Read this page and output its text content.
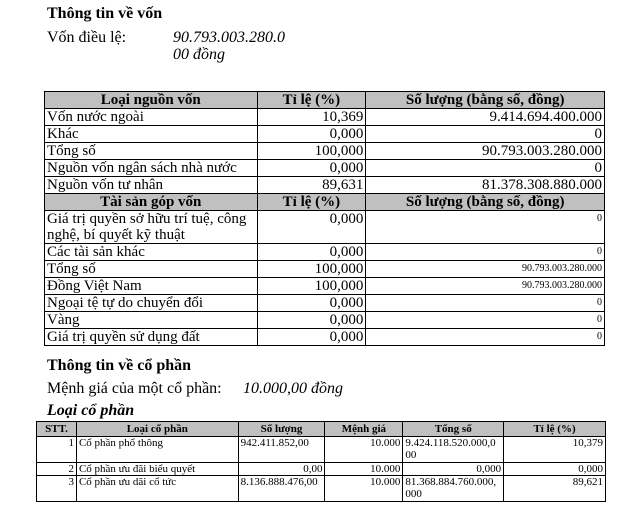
Thông tin về vốn
Vốn điều lệ:	90.793.003.280.0
00 đồng
Loại nguồn vốn	Tỉ lệ (%)	Số lượng (bằng số, đồng)
Vốn nước ngoài	10,369	9.414.694.400.000
Khác	0,000	0
Tổng số	100,000	90.793.003.280.000
Nguồn vốn ngân sách nhà nước	0,000	0
Nguồn vốn tư nhân	89,631	81.378.308.880.000
Tài sản góp vốn	Tỉ lệ (%)	Số lượng (bằng số, đồng)
Giá trị quyền sở hữu trí tuệ, công nghệ, bí quyết kỹ thuật	0,000	0
Các tài sản khác	0,000	0
Tổng số	100,000	90.793.003.280.000
Đồng Việt Nam	100,000	90.793.003.280.000
Ngoại tệ tự do chuyển đổi	0,000	0
Vàng	0,000	0
Giá trị quyền sử dụng đất	0,000	0
Thông tin về cổ phần
Mệnh giá của một cổ phần: 10.000,00 đồng
Loại cổ phần
STT.	Loại cổ phần	Số lượng	Mệnh giá	Tổng số	Tỉ lệ (%)
1	Cổ phần phổ thông	942.411.852,00	10.000	9.424.118.520.000,000	10,379
2	Cổ phần ưu đãi biểu quyết	0,00	10.000	0,000	0,000
3	Cổ phần ưu dãi cổ tức	8.136.888.476,00	10.000	81.368.884.760.000,000	89,621
